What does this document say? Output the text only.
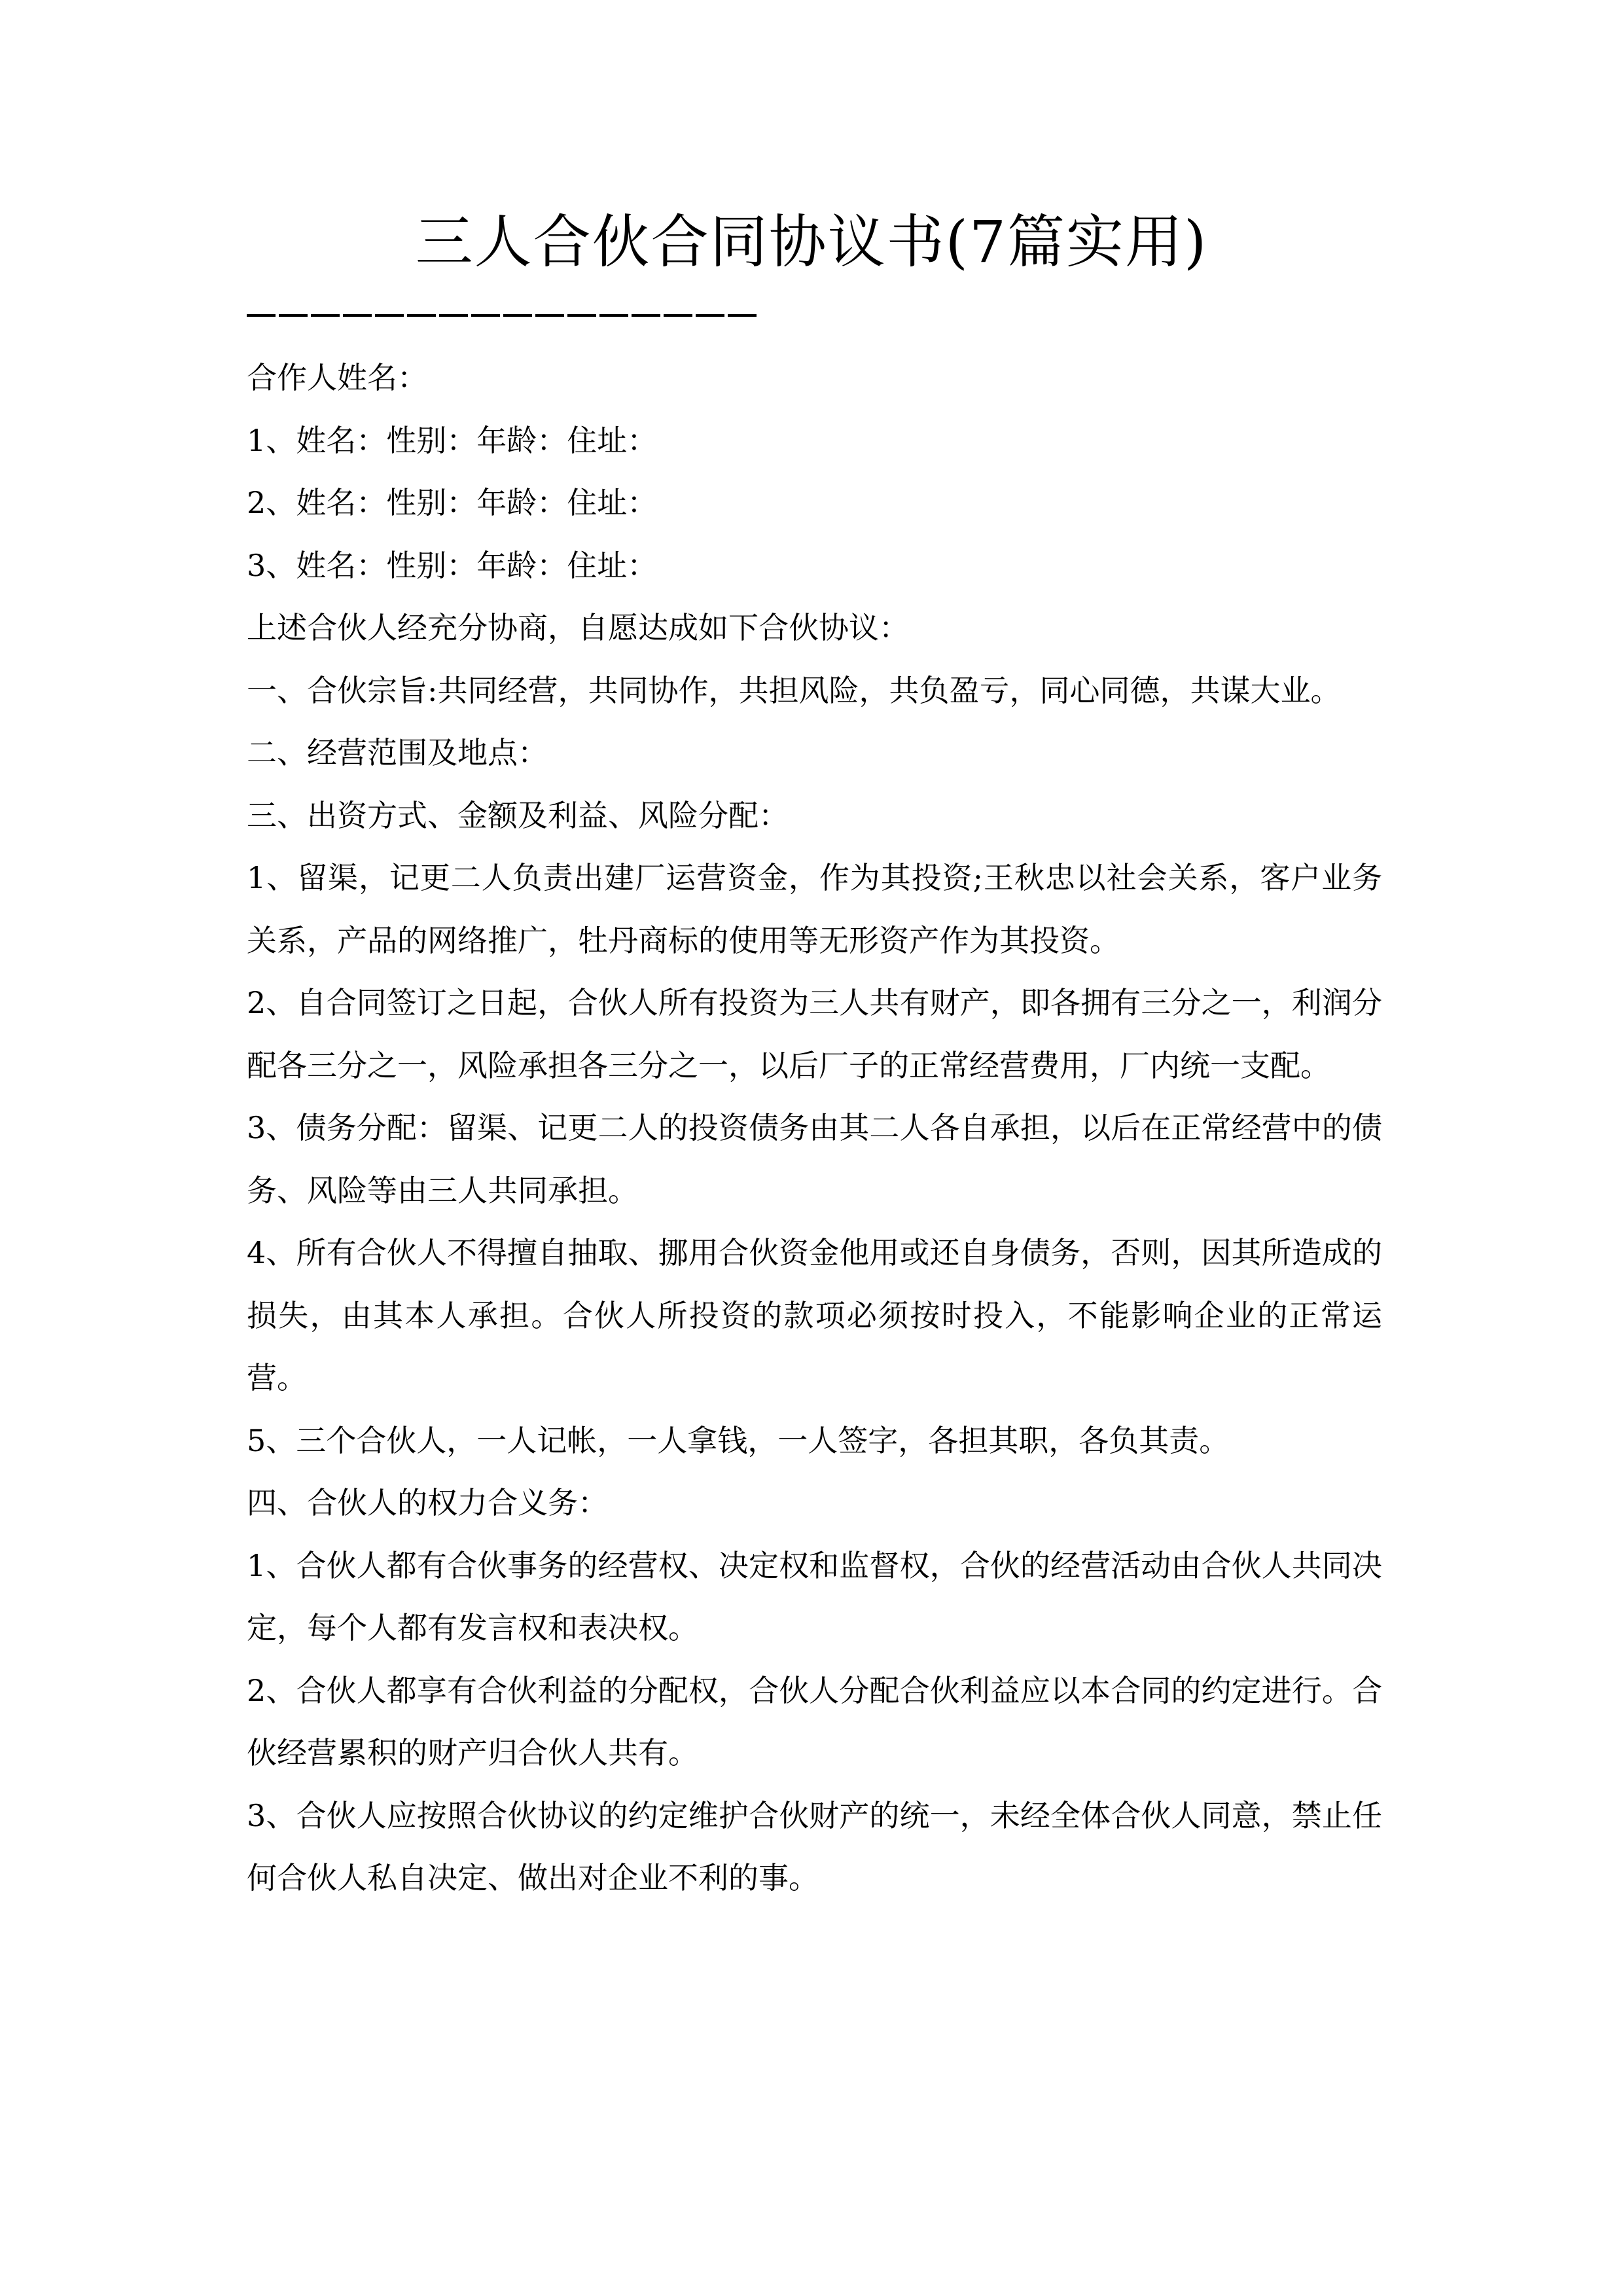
三人合伙合同协议书(7篇实用)

合作人姓名：

1、姓名：性别：年龄：住址：

2、姓名：性别：年龄：住址：

3、姓名：性别：年龄：住址：

上述合伙人经充分协商，自愿达成如下合伙协议：

一、合伙宗旨:共同经营，共同协作，共担风险，共负盈亏，同心同德，共谋大业。

二、经营范围及地点：

三、出资方式、金额及利益、风险分配：

1、留渠，记更二人负责出建厂运营资金，作为其投资;王秋忠以社会关系，客户业务关系，产品的网络推广，牡丹商标的使用等无形资产作为其投资。

2、自合同签订之日起，合伙人所有投资为三人共有财产，即各拥有三分之一，利润分配各三分之一，风险承担各三分之一，以后厂子的正常经营费用，厂内统一支配。

3、债务分配：留渠、记更二人的投资债务由其二人各自承担，以后在正常经营中的债务、风险等由三人共同承担。

4、所有合伙人不得擅自抽取、挪用合伙资金他用或还自身债务，否则，因其所造成的损失，由其本人承担。合伙人所投资的款项必须按时投入，不能影响企业的正常运营。

5、三个合伙人，一人记帐，一人拿钱，一人签字，各担其职，各负其责。

四、合伙人的权力合义务：

1、合伙人都有合伙事务的经营权、决定权和监督权，合伙的经营活动由合伙人共同决定，每个人都有发言权和表决权。

2、合伙人都享有合伙利益的分配权，合伙人分配合伙利益应以本合同的约定进行。合伙经营累积的财产归合伙人共有。

3、合伙人应按照合伙协议的约定维护合伙财产的统一，未经全体合伙人同意，禁止任何合伙人私自决定、做出对企业不利的事。
